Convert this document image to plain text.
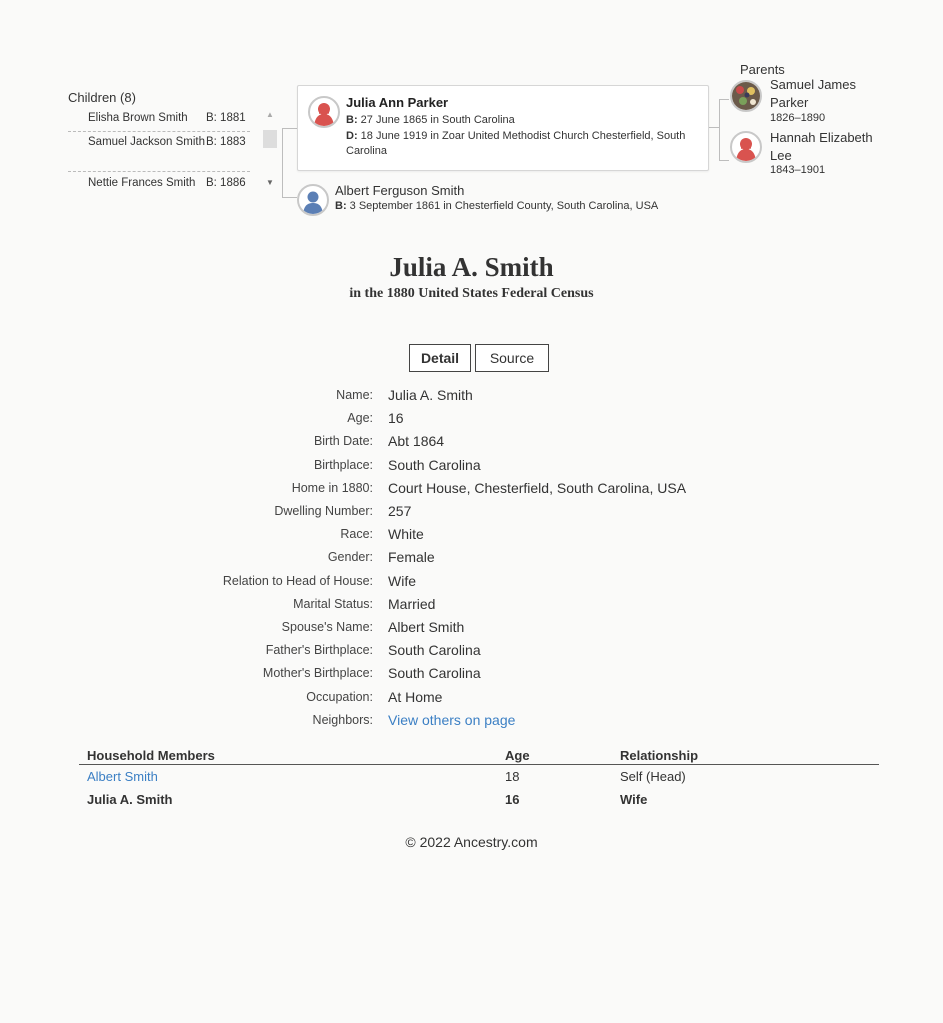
Children (8)
Elisha Brown Smith	B: 1881
Samuel Jackson Smith B: 1883
Nettie Frances Smith B: 1886
▲
▼
Julia Ann Parker
B: 27 June 1865 in South Carolina
D: 18 June 1919 in Zoar United Methodist Church Chesterfield, South Carolina
Albert Ferguson Smith
B: 3 September 1861 in Chesterfield County, South Carolina, USA
Parents
Samuel James Parker
1826–1890
Hannah Elizabeth Lee
1843–1901
Julia A. Smith
in the 1880 United States Federal Census
Detail	Source
Name: Julia A. Smith
Age: 16
Birth Date: Abt 1864
Birthplace: South Carolina
Home in 1880: Court House, Chesterfield, South Carolina, USA
Dwelling Number: 257
Race: White
Gender: Female
Relation to Head of House: Wife
Marital Status: Married
Spouse's Name: Albert Smith
Father's Birthplace: South Carolina
Mother's Birthplace: South Carolina
Occupation: At Home
Neighbors: View others on page
Household Members	Age	Relationship
Albert Smith	18	Self (Head)
Julia A. Smith	16	Wife
© 2022 Ancestry.com
